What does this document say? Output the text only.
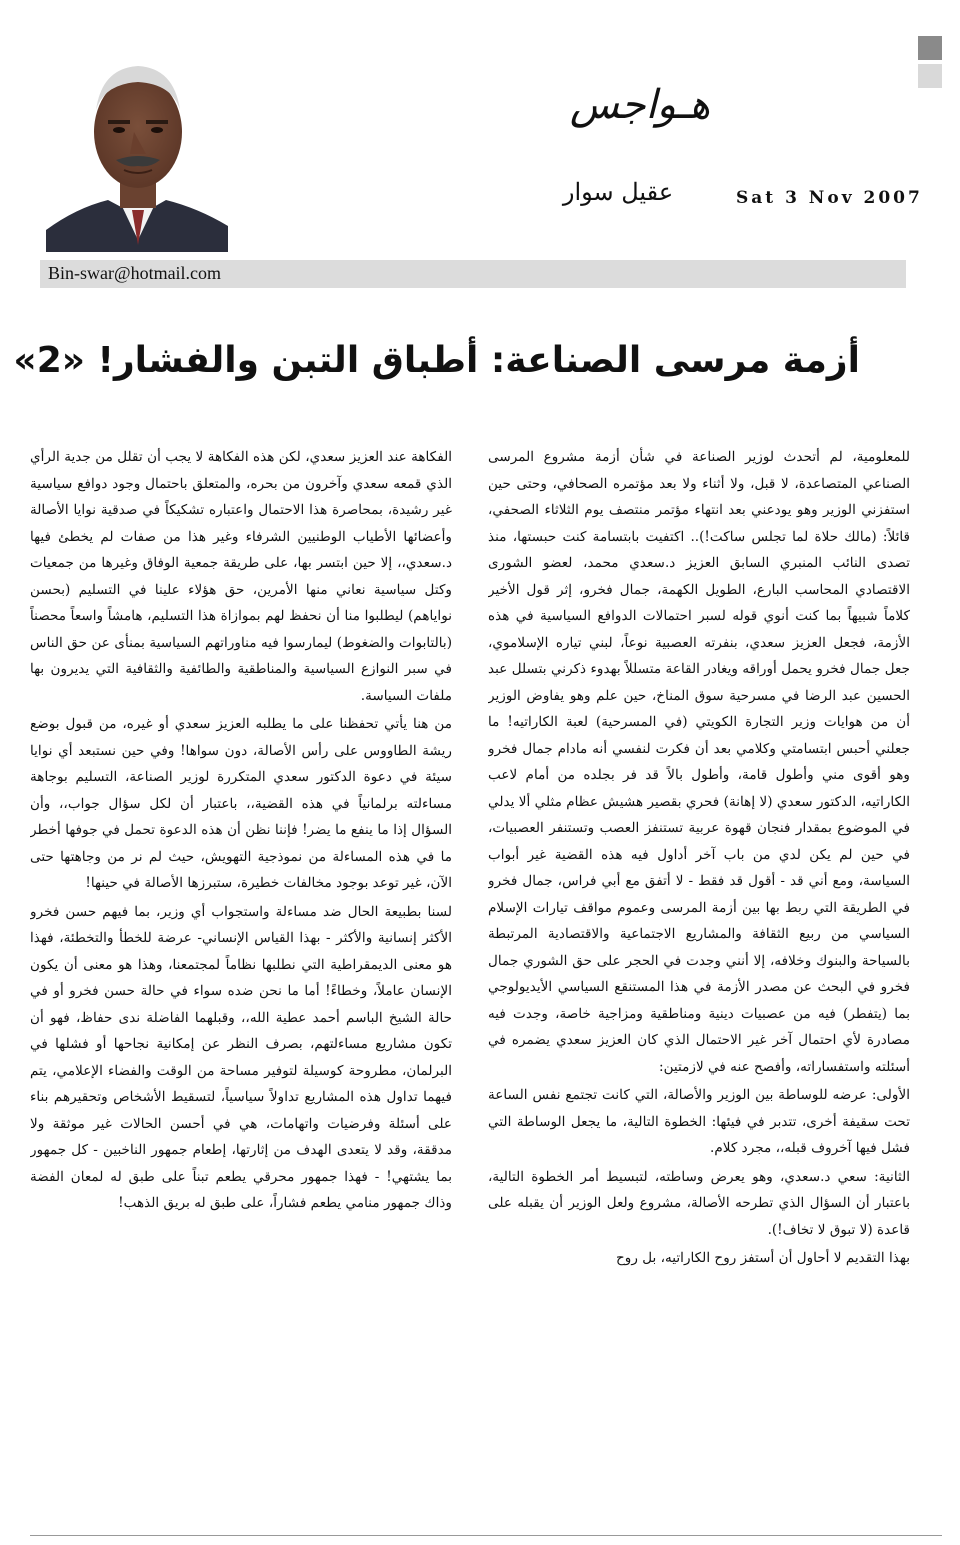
هـواجس
عقيل سوار	Sat 3 Nov 2007
Bin-swar@hotmail.com
أزمة مرسى الصناعة: أطباق التبن والفشار! «2»

للمعلومية، لم أتحدث لوزير الصناعة في شأن أزمة مشروع المرسى الصناعي المتصاعدة، لا قبل، ولا أثناء ولا بعد مؤتمره الصحافي، وحتى حين استفزني الوزير وهو يودعني بعد انتهاء مؤتمر منتصف يوم الثلاثاء الصحفي، قائلاً: (مالك حلاة لما تجلس ساكت!).. اكتفيت بابتسامة كنت حبستها، منذ تصدى النائب المنبري السابق العزيز د.سعدي محمد، لعضو الشورى الاقتصادي المحاسب البارع، الطويل الكهمة، جمال فخرو، إثر قول الأخير كلاماً شبيهاً بما كنت أنوي قوله لسبر احتمالات الدوافع السياسية في هذه الأزمة، فجعل العزيز سعدي، بنفرته العصبية نوعاً، لبني تياره الإسلاموي، جعل جمال فخرو يحمل أوراقه ويغادر القاعة متسللاً بهدوء ذكرني بتسلل عبد الحسين عبد الرضا في مسرحية سوق المناخ، حين علم وهو يفاوض الوزير أن من هوايات وزير التجارة الكويتي (في المسرحية) لعبة الكاراتيه! ما جعلني أحبس ابتسامتي وكلامي بعد أن فكرت لنفسي أنه مادام جمال فخرو وهو أقوى مني وأطول قامة، وأطول بالاً قد فر بجلده من أمام لاعب الكاراتيه، الدكتور سعدي (لا إهانة) فحري بقصير هشيش عظام مثلي ألا يدلي في الموضوع بمقدار فنجان قهوة عربية تستنفز العصب وتستنفر العصبيات، في حين لم يكن لدي من باب آخر أداول فيه هذه القضية غير أبواب السياسة، ومع أني قد - أقول قد فقط - لا أتفق مع أبي فراس، جمال فخرو في الطريقة التي ربط بها بين أزمة المرسى وعموم مواقف تيارات الإسلام السياسي من ربيع الثقافة والمشاريع الاجتماعية والاقتصادية المرتبطة بالسياحة والبنوك وخلافه، إلا أنني وجدت في الحجر على حق الشوري جمال فخرو في البحث عن مصدر الأزمة في هذا المستنقع السياسي الأيديولوجي بما (يتفطر) فيه من عصبيات دينية ومناطقية ومزاجية خاصة، وجدت فيه مصادرة لأي احتمال آخر غير الاحتمال الذي كان العزيز سعدي يضمره في أسئلته واستفساراته، وأفصح عنه في لازمتين:

الأولى: عرضه للوساطة بين الوزير والأصالة، التي كانت تجتمع نفس الساعة تحت سقيفة أخرى، تتدبر في فيئها: الخطوة التالية، ما يجعل الوساطة التي فشل فيها آخروف قبله،، مجرد كلام.

الثانية: سعي د.سعدي، وهو يعرض وساطته، لتبسيط أمر الخطوة التالية، باعتبار أن السؤال الذي تطرحه الأصالة، مشروع ولعل الوزير أن يقبله على قاعدة (لا تبوق لا تخاف!).

بهذا التقديم لا أحاول أن أستفز روح الكاراتيه، بل روح

الفكاهة عند العزيز سعدي، لكن هذه الفكاهة لا يجب أن تقلل من جدية الرأي الذي قمعه سعدي وآخرون من بحره، والمتعلق باحتمال وجود دوافع سياسية غير رشيدة، بمحاصرة هذا الاحتمال واعتباره تشكيكاً في صدقية نوايا الأصالة وأعضائها الأطياب الوطنيين الشرفاء وغير هذا من صفات لم يخطئ فيها د.سعدي،، إلا حين ابتسر بها، على طريقة جمعية الوفاق وغيرها من جمعيات وكتل سياسية نعاني منها الأمرين، حق هؤلاء علينا في التسليم (بحسن نواياهم) ليطلبوا منا أن نحفظ لهم بموازاة هذا التسليم، هامشاً واسعاً محصناً (بالتابوات والضغوط) ليمارسوا فيه مناوراتهم السياسية بمنأى عن حق الناس في سبر النوازع السياسية والمناطقية والطائفية والثقافية التي يديرون بها ملفات السياسة.

من هنا يأتي تحفظنا على ما يطلبه العزيز سعدي أو غيره، من قبول بوضع ريشة الطاووس على رأس الأصالة، دون سواها! وفي حين نستبعد أي نوايا سيئة في دعوة الدكتور سعدي المتكررة لوزير الصناعة، التسليم بوجاهة مساءلته برلمانياً في هذه القضية،، باعتبار أن لكل سؤال جواب،، وأن السؤال إذا ما ينفع ما يضر! فإننا نظن أن هذه الدعوة تحمل في جوفها أخطر ما في هذه المساءلة من نموذجية التهويش، حيث لم نر من وجاهتها حتى الآن، غير توعد بوجود مخالفات خطيرة، ستبرزها الأصالة في حينها!

لسنا بطبيعة الحال ضد مساءلة واستجواب أي وزير، بما فيهم حسن فخرو الأكثر إنسانية والأكثر - بهذا القياس الإنساني- عرضة للخطأ والتخطئة، فهذا هو معنى الديمقراطية التي نطلبها نظاماً لمجتمعنا، وهذا هو معنى أن يكون الإنسان عاملاً، وخطاءً! أما ما نحن ضده سواء في حالة حسن فخرو أو في حالة الشيخ الباسم أحمد عطية الله،، وقبلهما الفاضلة ندى حفاظ، فهو أن تكون مشاريع مساءلتهم، بصرف النظر عن إمكانية نجاحها أو فشلها في البرلمان، مطروحة كوسيلة لتوفير مساحة من الوقت والفضاء الإعلامي، يتم فيهما تداول هذه المشاريع تداولاً سياسياً، لتسقيط الأشخاص وتحقيرهم بناء على أسئلة وفرضيات واتهامات، هي في أحسن الحالات غير موثقة ولا مدققة، وقد لا يتعدى الهدف من إثارتها، إطعام جمهور الناخبين - كل جمهور بما يشتهي! - فهذا جمهور محرقي يطعم تبناً على طبق له لمعان الفضة وذاك جمهور منامي يطعم فشاراً، على طبق له بريق الذهب!
